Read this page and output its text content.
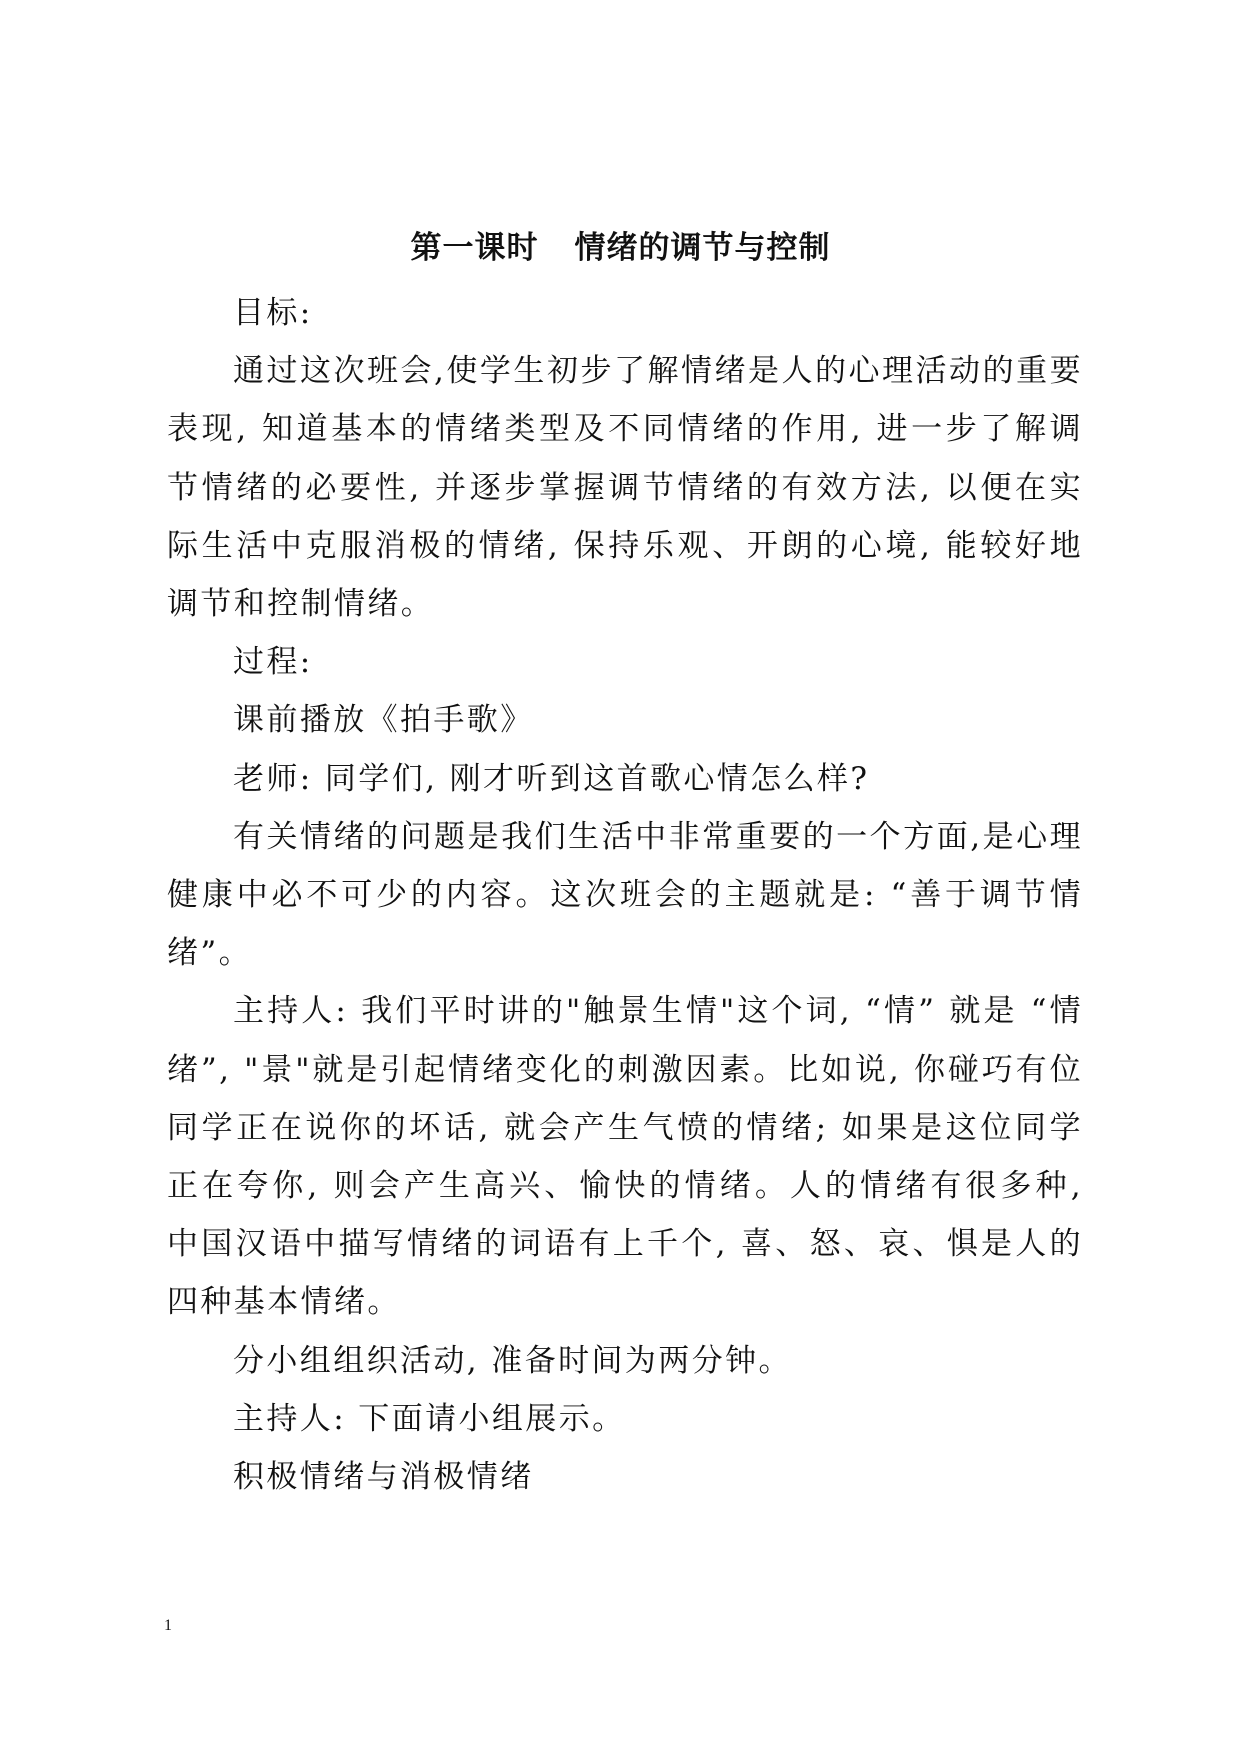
第一课时 情绪的调节与控制

目标:

通过这次班会,使学生初步了解情绪是人的心理活动的重要表现, 知道基本的情绪类型及不同情绪的作用, 进一步了解调节情绪的必要性, 并逐步掌握调节情绪的有效方法, 以便在实际生活中克服消极的情绪, 保持乐观、开朗的心境, 能较好地调节和控制情绪。

过程:

课前播放《拍手歌》

老师: 同学们, 刚才听到这首歌心情怎么样?

有关情绪的问题是我们生活中非常重要的一个方面,是心理健康中必不可少的内容。这次班会的主题就是: “善于调节情绪”。

主持人: 我们平时讲的"触景生情"这个词, “情” 就是 “情绪”, "景"就是引起情绪变化的刺激因素。比如说, 你碰巧有位同学正在说你的坏话, 就会产生气愤的情绪; 如果是这位同学正在夸你, 则会产生高兴、愉快的情绪。人的情绪有很多种, 中国汉语中描写情绪的词语有上千个, 喜、怒、哀、惧是人的四种基本情绪。

分小组组织活动, 准备时间为两分钟。

主持人: 下面请小组展示。

积极情绪与消极情绪

1
